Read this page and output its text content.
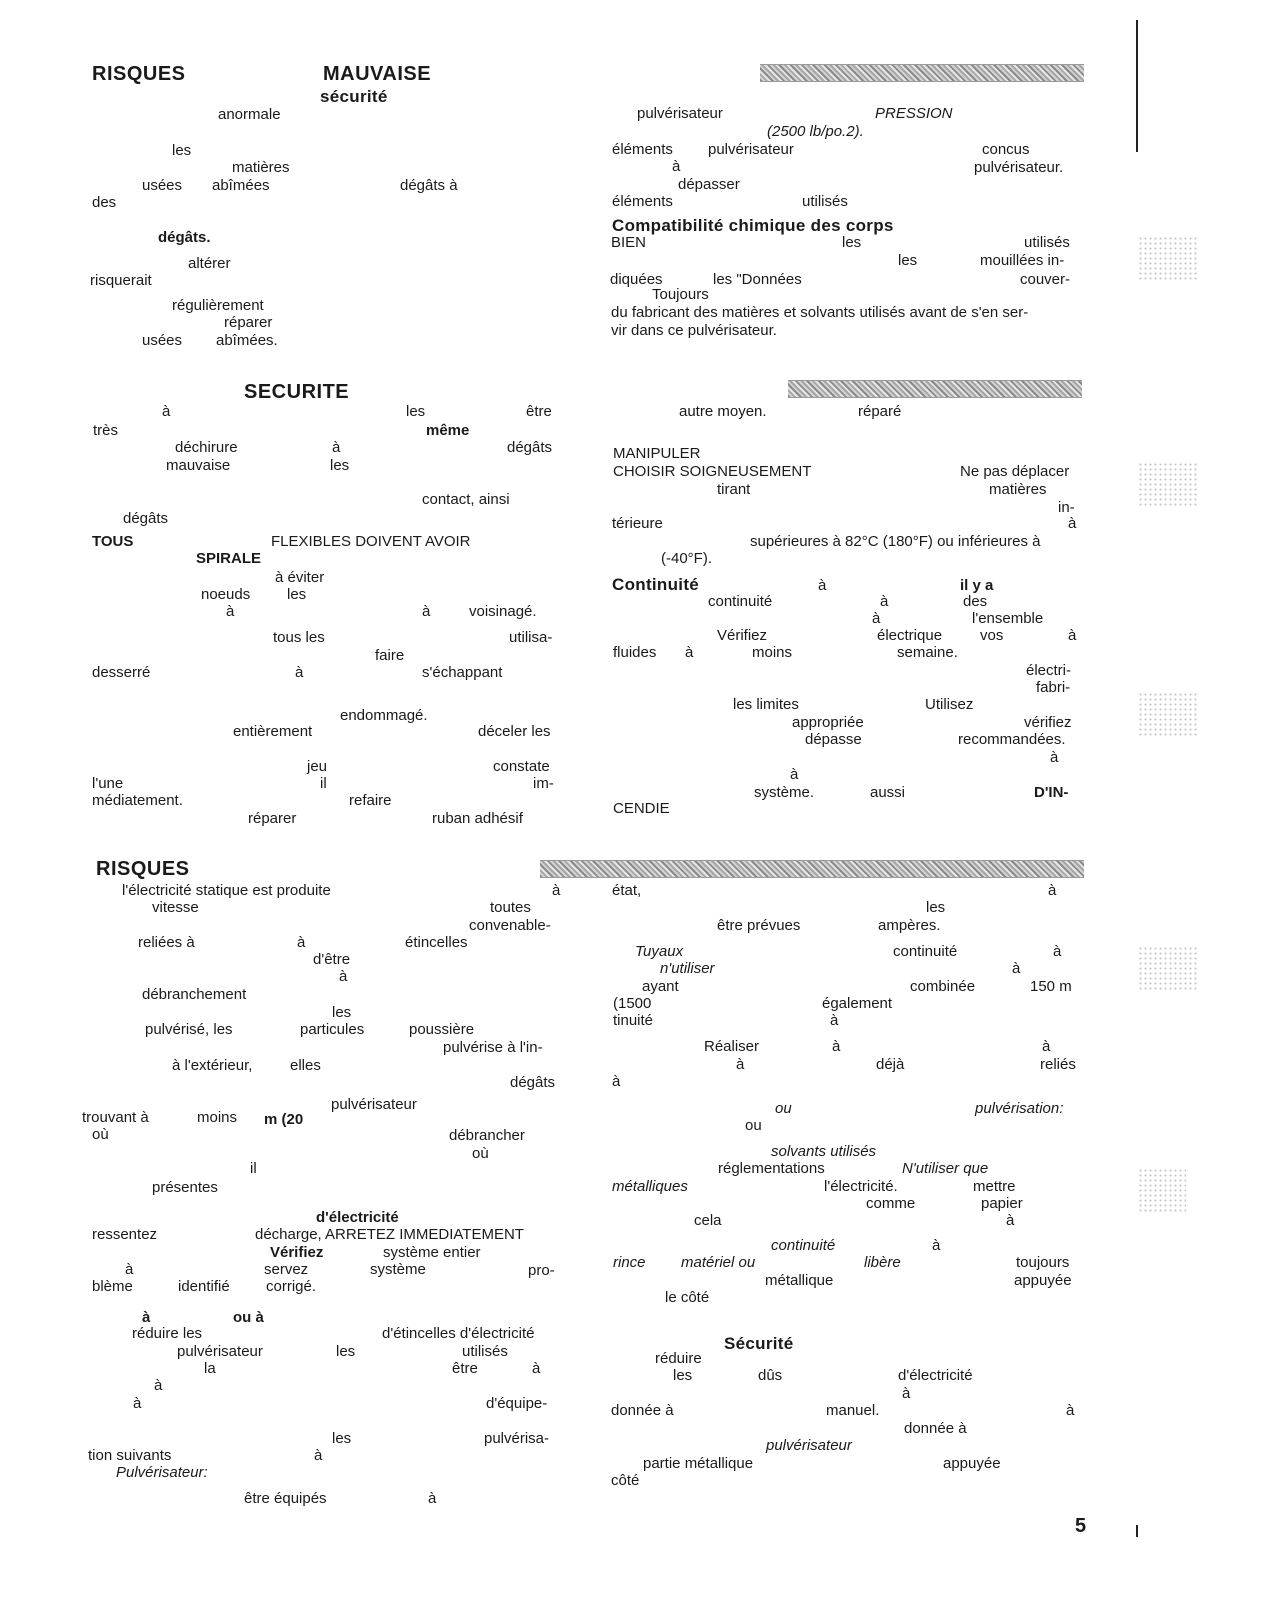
RISQUES	MAUVAISE
sécurité
anormale
les
matières
usées abîmées	dégâts à
des
dégâts.
altérer
risquerait
régulièrement
réparer
usées abîmées.
SECURITE
à	les	être
très	même
déchirure	à	dégâts
mauvaise	les
contact, ainsi
dégâts
TOUS	FLEXIBLES DOIVENT AVOIR
SPIRALE
à éviter
noeuds les
à	à	voisinagé.
tous les	utilisa-
faire
desserré	à	s'échappant
endommagé.
entièrement	déceler les
jeu	constate
l'une	il	im-
médiatement.	refaire
réparer	ruban adhésif
RISQUES
l'électricité statique est produite	à
vitesse	toutes
convenable-
reliées à	à	étincelles
d'être
à
débranchement
les
pulvérisé, les	particules	poussière
pulvérise à l'in-
à l'extérieur,	elles
dégâts
trouvant à	moins m (20
pulvérisateur
où	débrancher
où
il
présentes
d'électricité
ressentez	décharge, ARRETEZ IMMEDIATEMENT
Vérifiez	système entier
à	servez	système	pro-
blème	identifié corrigé.
à	ou à
réduire les	d'étincelles d'électricité
pulvérisateur	les	utilisés
la	être	à
à
à	d'équipe-
les	pulvérisa-
tion suivants	à
Pulvérisateur:
être équipés	à
pulvérisateur	PRESSION
(2500 lb/po.2).
éléments pulvérisateur	concus
à	pulvérisateur.
dépasser
éléments	utilisés
Compatibilité chimique des corps
BIEN	les	utilisés
les	mouillées in-
diquées	les "Données	couver-
Toujours
du fabricant des matières et solvants utilisés avant de s'en ser-
vir dans ce pulvérisateur.
autre moyen.	réparé
MANIPULER
CHOISIR SOIGNEUSEMENT	Ne pas déplacer
tirant	matières
in-
térieure	à
supérieures à 82°C (180°F) ou inférieures à
(-40°F).
Continuité	à	il y a
continuité	à	des
à	l'ensemble
Vérifiez	électrique	vos	à
fluides à	moins	semaine.
électri-
fabri-
les limites	Utilisez
appropriée	vérifiez
dépasse	recommandées.
à
à
système.	aussi	D'IN-
CENDIE
état,	à
les
être prévues	ampères.
Tuyaux	continuité	à
n'utiliser	à
ayant	combinée	150 m
(1500	également
tinuité	à
Réaliser	à	à
à	déjà	reliés
à
ou	pulvérisation:
ou
solvants utilisés
réglementations	N'utiliser que
métalliques	l'électricité.	mettre
comme	papier
cela	à
continuité	à
rince matériel ou	libère	toujours
métallique	appuyée
le côté
Sécurité
réduire
les	dûs	d'électricité
à
donnée à	manuel.	à
donnée à
pulvérisateur
partie métallique	appuyée
côté
5
